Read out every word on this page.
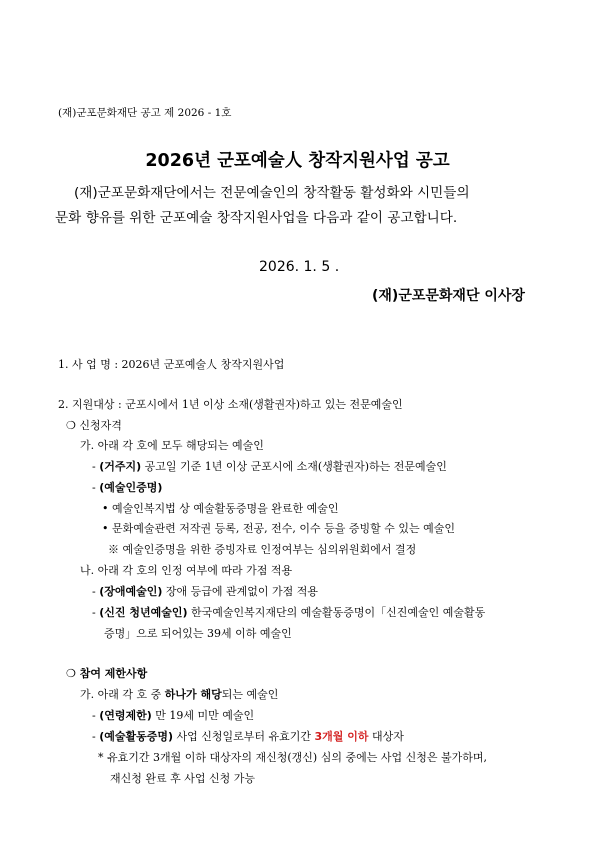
(재)군포문화재단 공고 제 2026 - 1호
2026년 군포예술人 창작지원사업 공고
(재)군포문화재단에서는 전문예술인의 창작활동 활성화와 시민들의
문화 향유를 위한 군포예술 창작지원사업을 다음과 같이 공고합니다.
2026. 1. 5 .
(재)군포문화재단 이사장
1. 사 업 명 : 2026년 군포예술人 창작지원사업
2. 지원대상 : 군포시에서 1년 이상 소재(생활권자)하고 있는 전문예술인
❍ 신청자격
가. 아래 각 호에 모두 해당되는 예술인
- (거주지) 공고일 기준 1년 이상 군포시에 소재(생활권자)하는 전문예술인
- (예술인증명)
• 예술인복지법 상 예술활동증명을 완료한 예술인
• 문화예술관련 저작권 등록, 전공, 전수, 이수 등을 증빙할 수 있는 예술인
※ 예술인증명을 위한 증빙자료 인정여부는 심의위원회에서 결정
나. 아래 각 호의 인정 여부에 따라 가점 적용
- (장애예술인) 장애 등급에 관계없이 가점 적용
- (신진 청년예술인) 한국예술인복지재단의 예술활동증명이「신진예술인 예술활동
증명」으로 되어있는 39세 이하 예술인
❍ 참여 제한사항
가. 아래 각 호 중 하나가 해당되는 예술인
- (연령제한) 만 19세 미만 예술인
- (예술활동증명) 사업 신청일로부터 유효기간 3개월 이하 대상자
* 유효기간 3개월 이하 대상자의 재신청(갱신) 심의 중에는 사업 신청은 불가하며,
재신청 완료 후 사업 신청 가능
